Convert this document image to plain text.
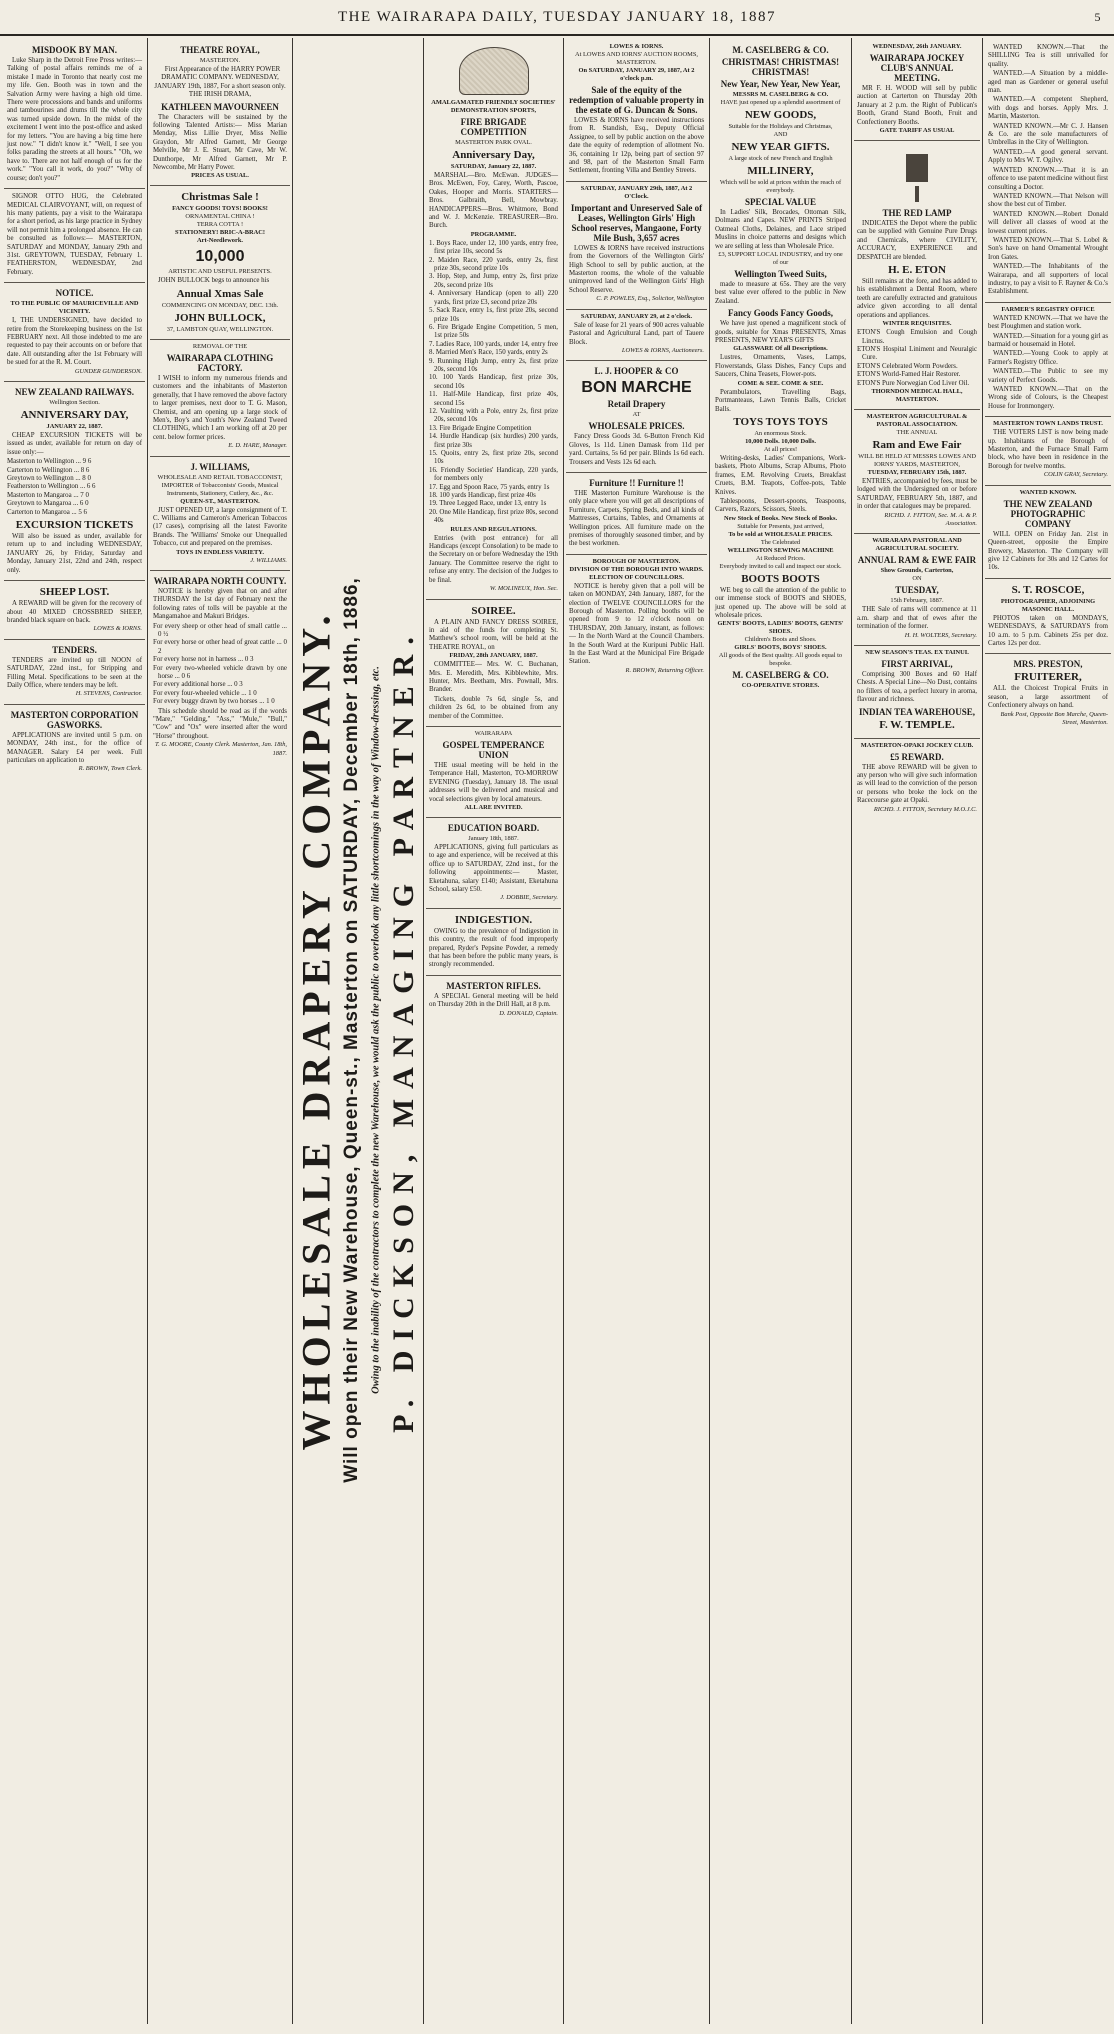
THE WAIRARAPA DAILY, TUESDAY JANUARY 18, 1887	5
MISDOOK BY MAN.
Luke Sharp in the Detroit Free Press writes:—Talking of postal affairs reminds me of a mistake I made in Toronto that nearly cost me my life. Gen. Booth was in town and the Salvation Army were having a high old time. There were processions and bands and uniforms and tambourines and drums till the whole city was turned upside down. In the midst of the excitement I went into the post-office and asked for my letters. "You are having a big time here just now." "I didn't know it." "Well, I see you folks parading the streets at all hours." "Oh, we have to. There are not half enough of us for the work." "You call it work, do you?" "Why of course; don't you?"
SIGNOR OTTO HUG, the Celebrated MEDICAL CLAIRVOYANT, will, on request of his many patients, pay a visit to the Wairarapa for a short period, as his large practice in Sydney will not permit him a prolonged absence. He can be consulted as follows:— MASTERTON, SATURDAY and MONDAY, January 29th and 31st. GREYTOWN, TUESDAY, February 1. FEATHERSTON, WEDNESDAY, 2nd February.
NOTICE.
TO THE PUBLIC OF MAURICEVILLE AND VICINITY.
I, THE UNDERSIGNED, have decided to retire from the Storekeeping business on the 1st FEBRUARY next. All those indebted to me are requested to pay their accounts on or before that date. All outstanding after the 1st February will be sued for at the R. M. Court.
GUNDER GUNDERSON.
NEW ZEALAND RAILWAYS.
Wellington Section.
ANNIVERSARY DAY,
JANUARY 22, 1887.
CHEAP EXCURSION TICKETS will be issued as under, available for return on day of issue only:—
Masterton to Wellington ... 9 6
Carterton to Wellington ... 8 6
Greytown to Wellington ... 8 0
Featherston to Wellington ... 6 6
Masterton to Mangaroa ... 7 0
Greytown to Mangaroa ... 6 0
Carterton to Mangaroa ... 5 6
EXCURSION TICKETS
Will also be issued as under, available for return up to and including WEDNESDAY, JANUARY 26, by Friday, Saturday and Monday, January 21st, 22nd and 24th, respect only.
SHEEP LOST.
A REWARD will be given for the recovery of about 40 MIXED CROSSBRED SHEEP, branded black square on back.
LOWES & IORNS.
TENDERS.
TENDERS are invited up till NOON of SATURDAY, 22nd inst., for Stripping and Filling Metal. Specifications to be seen at the Daily Office, where tenders may be left.
H. STEVENS, Contractor.
MASTERTON CORPORATION GASWORKS.
APPLICATIONS are invited until 5 p.m. on MONDAY, 24th inst., for the office of MANAGER. Salary £4 per week. Full particulars on application to
R. BROWN, Town Clerk.
THEATRE ROYAL,
MASTERTON.
First Appearance of the HARRY POWER DRAMATIC COMPANY. WEDNESDAY, JANUARY 19th, 1887, For a short season only. THE IRISH DRAMA,
KATHLEEN MAVOURNEEN
The Characters will be sustained by the following Talented Artists:— Miss Marian Menday, Miss Lillie Dryer, Miss Nellie Graydon, Mr Alfred Garnett, Mr George Melville, Mr J. E. Stuart, Mr Cave, Mr W. Dunthorpe, Mr Alfred Garnett, Mr P. Newcombe, Mr Harry Power.
PRICES AS USUAL.
Christmas Sale !
FANCY GOODS! TOYS! BOOKS!
ORNAMENTAL CHINA !
TERRA COTTA !
STATIONERY! BRIC-A-BRAC!
Art-Needlework.
10,000
ARTISTIC AND USEFUL PRESENTS.
JOHN BULLOCK begs to announce his
Annual Xmas Sale
COMMENCING ON MONDAY, DEC. 13th.
JOHN BULLOCK,
37, LAMBTON QUAY, WELLINGTON.
REMOVAL OF THE
WAIRARAPA CLOTHING FACTORY.
I WISH to inform my numerous friends and customers and the inhabitants of Masterton generally, that I have removed the above factory to larger premises, next door to T. G. Mason, Chemist, and am opening up a large stock of Men's, Boy's and Youth's New Zealand Tweed CLOTHING, which I am working off at 20 per cent. below former prices.
E. D. HARE, Manager.
J. WILLIAMS,
WHOLESALE AND RETAIL TOBACCONIST, IMPORTER of Tobacconists' Goods, Musical Instruments, Stationery, Cutlery, &c., &c.
QUEEN-ST., MASTERTON.
JUST OPENED UP, a large consignment of T. C. Williams and Cameron's American Tobaccos (17 cases), comprising all the latest Favorite Brands. The 'Williams' Smoke our Unequalled Tobacco, cut and prepared on the premises.
TOYS IN ENDLESS VARIETY.
J. WILLIAMS.
WAIRARAPA NORTH COUNTY.
NOTICE is hereby given that on and after THURSDAY the 1st day of February next the following rates of tolls will be payable at the Mangamahoe and Makuri Bridges.
For every sheep or other head of small cattle ... 0 ½
For every horse or other head of great cattle ... 0 2
For every horse not in harness ... 0 3
For every two-wheeled vehicle drawn by one horse ... 0 6
For every additional horse ... 0 3
For every four-wheeled vehicle ... 1 0
For every buggy drawn by two horses ... 1 0
This schedule should be read as if the words "Mare," "Gelding," "Ass," "Mule," "Bull," "Cow" and "Ox" were inserted after the word "Horse" throughout.
T. G. MOORE, County Clerk. Masterton, Jan. 18th, 1887. WHOLESALE DRAPERY COMPANY. Will open their New Warehouse, Queen-st., Masterton on SATURDAY, December 18th, 1886, Owing to the inability of the contractors to complete the new Warehouse, we would ask the public to overlook any little shortcomings in the way of Window-dressing, etc. P. DICKSON, MANAGING PARTNER.
AMALGAMATED FRIENDLY SOCIETIES' DEMONSTRATION SPORTS,
FIRE BRIGADE COMPETITION
MASTERTON PARK OVAL.
Anniversary Day,
SATURDAY, January 22, 1887.
MARSHAL—Bro. McEwan. JUDGES—Bros. McEwen, Foy, Carey, Worth, Pascoe, Oakes, Hooper and Morris. STARTERS—Bros. Galbraith, Bell, Mowbray. HANDICAPPERS—Bros. Whitmore, Bond and W. J. McKenzie. TREASURER—Bro. Burch.
PROGRAMME.
1. Boys Race, under 12, 100 yards, entry free, first prize 10s, second 5s
2. Maiden Race, 220 yards, entry 2s, first prize 30s, second prize 10s
3. Hop, Step, and Jump, entry 2s, first prize 20s, second prize 10s
4. Anniversary Handicap (open to all) 220 yards, first prize £3, second prize 20s
5. Sack Race, entry 1s, first prize 20s, second prize 10s
6. Fire Brigade Engine Competition, 5 men, 1st prize 50s
7. Ladies Race, 100 yards, under 14, entry free
8. Married Men's Race, 150 yards, entry 2s
9. Running High Jump, entry 2s, first prize 20s, second 10s
10. 100 Yards Handicap, first prize 30s, second 10s
11. Half-Mile Handicap, first prize 40s, second 15s
12. Vaulting with a Pole, entry 2s, first prize 20s, second 10s
13. Fire Brigade Engine Competition
14. Hurdle Handicap (six hurdles) 200 yards, first prize 30s
15. Quoits, entry 2s, first prize 20s, second 10s
16. Friendly Societies' Handicap, 220 yards, for members only
17. Egg and Spoon Race, 75 yards, entry 1s
18. 100 yards Handicap, first prize 40s
19. Three Legged Race, under 13, entry 1s
20. One Mile Handicap, first prize 80s, second 40s
RULES AND REGULATIONS.
Entries (with post entrance) for all Handicaps (except Consolation) to be made to the Secretary on or before Wednesday the 19th January. The Committee reserve the right to refuse any entry. The decision of the Judges to be final.
W. MOLINEUX, Hon. Sec.
SOIREE.
A PLAIN AND FANCY DRESS SOIREE, in aid of the funds for completing St. Matthew's school room, will be held at the THEATRE ROYAL, on
FRIDAY, 28th JANUARY, 1887.
COMMITTEE— Mrs. W. C. Buchanan, Mrs. E. Meredith, Mrs. Kibblewhite, Mrs. Hunter, Mrs. Beetham, Mrs. Pownall, Mrs. Brander.
Tickets, double 7s 6d, single 5s, and children 2s 6d, to be obtained from any member of the Committee.
WAIRARAPA
GOSPEL TEMPERANCE UNION
THE usual meeting will be held in the Temperance Hall, Masterton, TO-MORROW EVENING (Tuesday), January 18. The usual addresses will be delivered and musical and vocal selections given by local amateurs.
ALL ARE INVITED.
EDUCATION BOARD.
January 18th, 1887.
APPLICATIONS, giving full particulars as to age and experience, will be received at this office up to SATURDAY, 22nd inst., for the following appointments:— Master, Eketahuna, salary £140; Assistant, Eketahuna School, salary £50.
J. DOBBIE, Secretary.
INDIGESTION.
OWING to the prevalence of Indigestion in this country, the result of food improperly prepared, Ryder's Pepsine Powder, a remedy that has been before the public many years, is strongly recommended.
MASTERTON RIFLES.
A SPECIAL General meeting will be held on Thursday 20th in the Drill Hall, at 8 p.m.
D. DONALD, Captain.
LOWES & IORNS.
At LOWES AND IORNS' AUCTION ROOMS, MASTERTON.
On SATURDAY, JANUARY 29, 1887, At 2 o'clock p.m.
Sale of the equity of the redemption of valuable property in the estate of G. Duncan & Sons.
LOWES & IORNS have received instructions from R. Standish, Esq., Deputy Official Assignee, to sell by public auction on the above date the equity of redemption of allotment No. 36, containing 1r 12p, being part of section 97 and 98, part of the Masterton Small Farm Settlement, fronting Villa and Bentley Streets.
SATURDAY, JANUARY 29th, 1887, At 2 O'Clock.
Important and Unreserved Sale of Leases, Wellington Girls' High School reserves, Mangaone, Forty Mile Bush, 3,657 acres
LOWES & IORNS have received instructions from the Governors of the Wellington Girls' High School to sell by public auction, at the Masterton rooms, the whole of the valuable unimproved land of the Wellington Girls' High School Reserve.
C. P. POWLES, Esq., Solicitor, Wellington
SATURDAY, JANUARY 29, at 2 o'clock.
Sale of lease for 21 years of 900 acres valuable Pastoral and Agricultural Land, part of Tauere Block.
LOWES & IORNS, Auctioneers.
L. J. HOOPER & CO
BON MARCHE
Retail Drapery
AT
WHOLESALE PRICES.
Fancy Dress Goods 3d. 6-Button French Kid Gloves, 1s 11d. Linen Damask from 11d per yard. Curtains, 5s 6d per pair. Blinds 1s 6d each. Trousers and Vests 12s 6d each.
Furniture !! Furniture !!
THE Masterton Furniture Warehouse is the only place where you will get all descriptions of Furniture, Carpets, Spring Beds, and all kinds of Mattresses, Curtains, Tables, and Ornaments at Wellington prices. All furniture made on the premises of thoroughly seasoned timber, and by the best workmen.
BOROUGH OF MASTERTON.
DIVISION OF THE BOROUGH INTO WARDS.
ELECTION OF COUNCILLORS.
NOTICE is hereby given that a poll will be taken on MONDAY, 24th January, 1887, for the election of TWELVE COUNCILLORS for the Borough of Masterton. Polling booths will be opened from 9 to 12 o'clock noon on THURSDAY, 20th January, instant, as follows:— In the North Ward at the Council Chambers. In the South Ward at the Kuripuni Public Hall. In the East Ward at the Municipal Fire Brigade Station.
R. BROWN, Returning Officer.
M. CASELBERG & CO.
CHRISTMAS! CHRISTMAS! CHRISTMAS!
New Year, New Year, New Year,
MESSRS M. CASELBERG & CO.
HAVE just opened up a splendid assortment of
NEW GOODS,
Suitable for the Holidays and Christmas,
AND
NEW YEAR GIFTS.
A large stock of new French and English
MILLINERY,
Which will be sold at prices within the reach of everybody.
SPECIAL VALUE
In Ladies' Silk, Brocades, Ottoman Silk, Dolmans and Capes. NEW PRINTS Striped Oatmeal Cloths, Delaines, and Lace striped Muslins in choice patterns and designs which we are selling at less than Wholesale Price.
£3, SUPPORT LOCAL INDUSTRY, and try one of our
Wellington Tweed Suits,
made to measure at 65s. They are the very best value ever offered to the public in New Zealand.
Fancy Goods Fancy Goods,
We have just opened a magnificent stock of goods, suitable for Xmas PRESENTS, Xmas PRESENTS, NEW YEAR'S GIFTS
GLASSWARE Of all Descriptions.
Lustres, Ornaments, Vases, Lamps, Flowerstands, Glass Dishes, Fancy Cups and Saucers, China Teasets, Flower-pots.
COME & SEE. COME & SEE.
Perambulators, Travelling Bags, Portmanteaus, Lawn Tennis Balls, Cricket Balls.
TOYS TOYS TOYS
An enormous Stock.
10,000 Dolls. 10,000 Dolls.
At all prices!
Writing-desks, Ladies' Companions, Work-baskets, Photo Albums, Scrap Albums, Photo frames, E.M. Revolving Cruets, Breakfast Cruets, B.M. Teapots, Coffee-pots, Table Knives.
Tablespoons, Dessert-spoons, Teaspoons, Carvers, Razors, Scissors, Steels.
New Stock of Books. New Stock of Books.
Suitable for Presents, just arrived,
To be sold at WHOLESALE PRICES.
The Celebrated
WELLINGTON SEWING MACHINE
At Reduced Prices.
Everybody invited to call and inspect our stock.
BOOTS BOOTS
WE beg to call the attention of the public to our immense stock of BOOTS and SHOES, just opened up. The above will be sold at wholesale prices.
GENTS' BOOTS, LADIES' BOOTS, GENTS' SHOES.
Children's Boots and Shoes.
GIRLS' BOOTS, BOYS' SHOES.
All goods of the Best quality. All goods equal to bespoke.
M. CASELBERG & CO.
CO-OPERATIVE STORES.
WEDNESDAY, 26th JANUARY.
WAIRARAPA JOCKEY CLUB'S ANNUAL MEETING.
MR F. H. WOOD will sell by public auction at Carterton on Thursday 20th January at 2 p.m. the Right of Publican's Booth, Grand Stand Booth, Fruit and Confectionery Booths.
GATE TARIFF AS USUAL
THE RED LAMP
INDICATES the Depot where the public can be supplied with Genuine Pure Drugs and Chemicals, where CIVILITY, ACCURACY, EXPERIENCE and DESPATCH are blended.
H. E. ETON
Still remains at the fore, and has added to his establishment a Dental Room, where teeth are carefully extracted and gratuitous advice given according to all dental operations and appliances.
WINTER REQUISITES.
ETON'S Cough Emulsion and Cough Linctus.
ETON'S Hospital Liniment and Neuralgic Cure.
ETON'S Celebrated Worm Powders.
ETON'S World-Famed Hair Restorer.
ETON'S Pure Norwegian Cod Liver Oil.
THORNDON MEDICAL HALL, MASTERTON.
MASTERTON AGRICULTURAL & PASTORAL ASSOCIATION.
THE ANNUAL
Ram and Ewe Fair
WILL BE HELD AT MESSRS LOWES AND IORNS' YARDS, MASTERTON,
TUESDAY, FEBRUARY 15th, 1887.
ENTRIES, accompanied by fees, must be lodged with the Undersigned on or before SATURDAY, FEBRUARY 5th, 1887, and in order that catalogues may be prepared.
RICHD. J. FITTON, Sec. M. A. & P. Association.
WAIRARAPA PASTORAL AND AGRICULTURAL SOCIETY.
ANNUAL RAM & EWE FAIR
Show Grounds, Carterton,
ON
TUESDAY,
15th February, 1887.
THE Sale of rams will commence at 11 a.m. sharp and that of ewes after the termination of the former.
H. H. WOLTERS, Secretary.
NEW SEASON'S TEAS. EX TAINUI.
FIRST ARRIVAL,
Comprising 300 Boxes and 60 Half Chests. A Special Line—No Dust, contains no fillers of tea, a perfect luxury in aroma, flavour and richness.
INDIAN TEA WAREHOUSE,
F. W. TEMPLE.
MASTERTON-OPAKI JOCKEY CLUB.
£5 REWARD.
THE above REWARD will be given to any person who will give such information as will lead to the conviction of the person or persons who broke the lock on the Racecourse gate at Opaki.
RICHD. J. FITTON, Secretary M.O.J.C.
WANTED KNOWN.—That the SHILLING Tea is still unrivalled for quality.
WANTED.—A Situation by a middle-aged man as Gardener or general useful man.
WANTED.—A competent Shepherd, with dogs and horses. Apply Mrs. J. Martin, Masterton.
WANTED KNOWN.—Mr C. J. Hansen & Co. are the sole manufacturers of Umbrellas in the City of Wellington.
WANTED.—A good general servant. Apply to Mrs W. T. Ogilvy.
WANTED KNOWN.—That it is an offence to use patent medicine without first consulting a Doctor.
WANTED KNOWN.—That Nelson will show the best cut of Timber.
WANTED KNOWN.—Robert Donald will deliver all classes of wood at the lowest current prices.
WANTED KNOWN.—That S. Lobel & Son's have on hand Ornamental Wrought Iron Gates.
WANTED.—The Inhabitants of the Wairarapa, and all supporters of local industry, to pay a visit to F. Rayner & Co.'s Establishment.
FARMER'S REGISTRY OFFICE
WANTED KNOWN.—That we have the best Ploughmen and station work.
WANTED.—Situation for a young girl as barmaid or housemaid in Hotel.
WANTED.—Young Cook to apply at Farmer's Registry Office.
WANTED.—The Public to see my variety of Perfect Goods.
WANTED KNOWN.—That on the Wrong side of Colours, is the Cheapest House for Ironmongery.
MASTERTON TOWN LANDS TRUST.
THE VOTERS LIST is now being made up. Inhabitants of the Borough of Masterton, and the Furnace Small Farm block, who have been in residence in the Borough for twelve months.
COLIN GRAY, Secretary.
WANTED KNOWN.
THE NEW ZEALAND PHOTOGRAPHIC COMPANY
WILL OPEN on Friday Jan. 21st in Queen-street, opposite the Empire Brewery, Masterton. The Company will give 12 Cabinets for 30s and 12 Cartes for 10s.
S. T. ROSCOE,
PHOTOGRAPHER, ADJOINING MASONIC HALL.
PHOTOS taken on MONDAYS, WEDNESDAYS, & SATURDAYS from 10 a.m. to 5 p.m. Cabinets 25s per doz. Cartes 12s per doz.
MRS. PRESTON,
FRUITERER,
ALL the Choicest Tropical Fruits in season, a large assortment of Confectionery always on hand.
Bank Post, Opposite Bon Marche, Queen-Street, Masterton.
